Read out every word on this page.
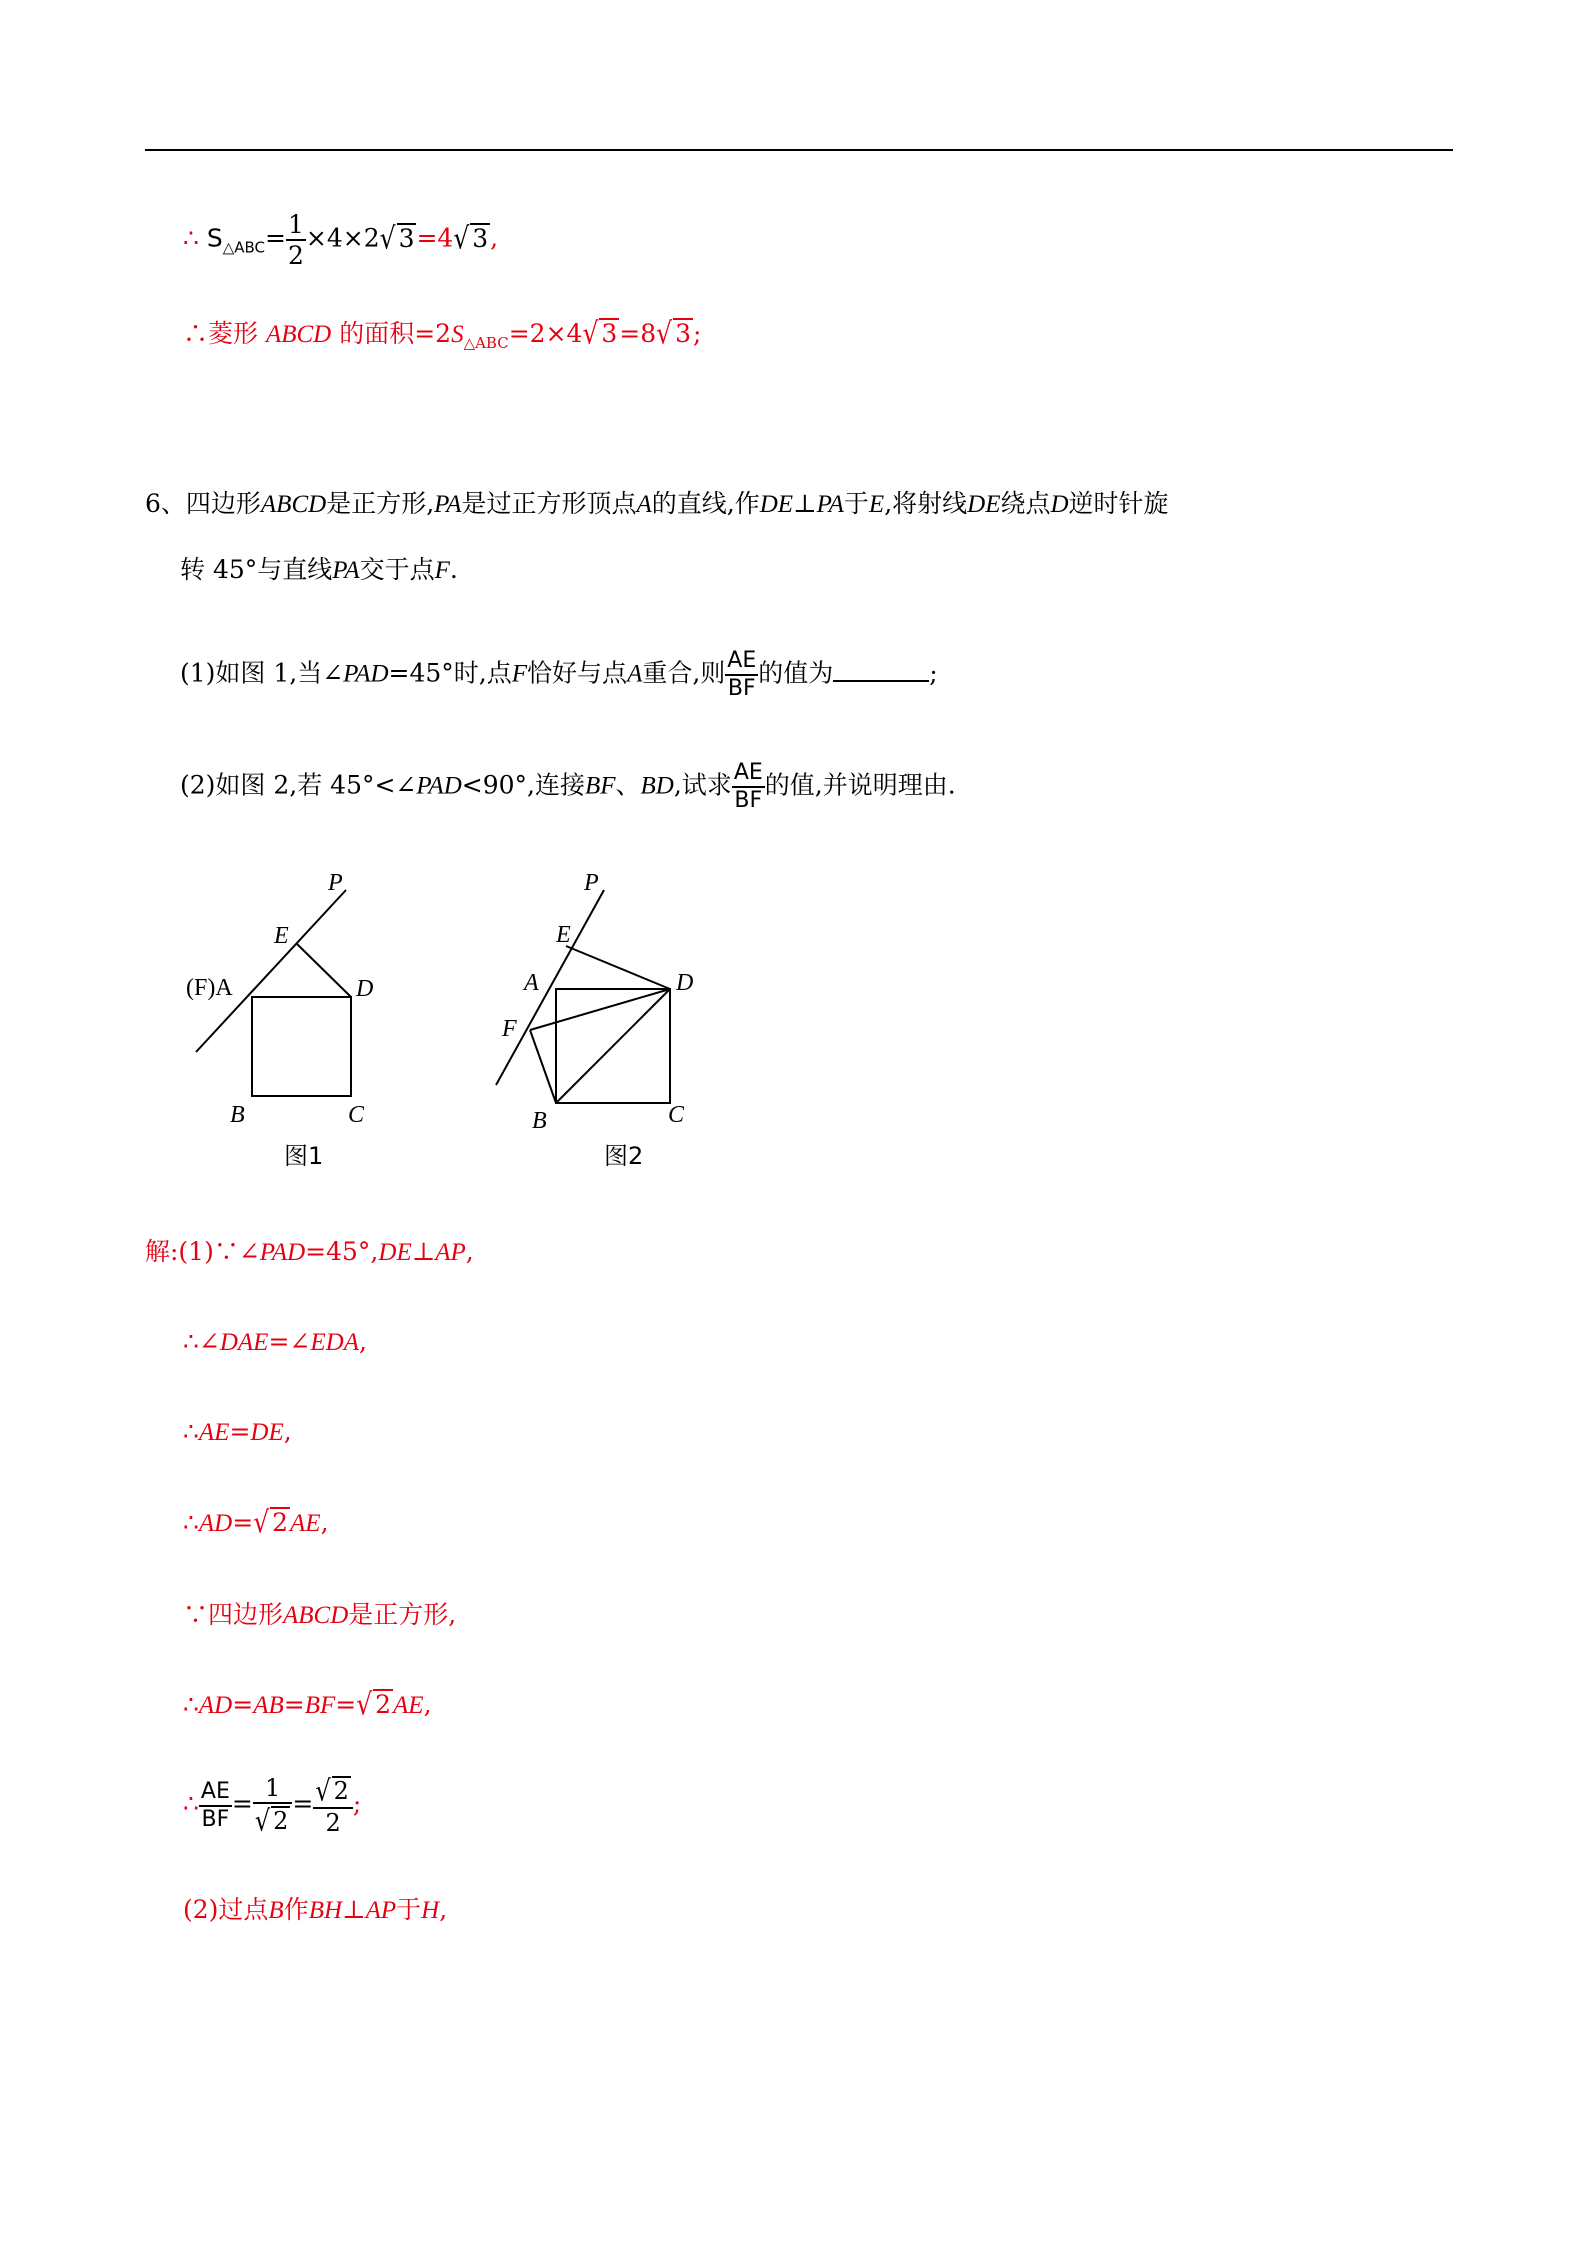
∴ $S_{\triangle ABC}= \frac{1}{2} \times 4\times 2√$ 3=4√ 3,
∴菱形 ABCD 的面积$=2S_{\triangle ABC}=2\times 4√$ 3=8√ 3;
6、四边形ABCD是正方形,PA是过正方形顶点A的直线,作DE⊥PA于E,将射线DE绕点D逆时针旋
转 45°与直线PA交于点F.
(1)如图 1,当∠PAD=45°时,点F恰好与点A重合,则 $\frac{AE}{BF}$ 的值为	;
(2)如图 2,若 45°<∠PAD<90°,连接BF、BD,试求 $\frac{AE}{BF}$ 的值,并说明理由.
P
E
(F)A	D
B	C
图1
P
E
A	D
F
B	C
图2
解:(1)∵∠PAD=45°,DE⊥AP,
∴∠DAE=∠EDA,
∴AE=DE,
∴AD=√ 2AE,
∵四边形ABCD是正方形,
∴AD=AB=BF=√ 2AE,
∴ $\frac{AE}{BF} = \frac{1}{√ 2} = \frac{√ 2}{2}$ ;
(2)过点B作BH⊥AP于H,
